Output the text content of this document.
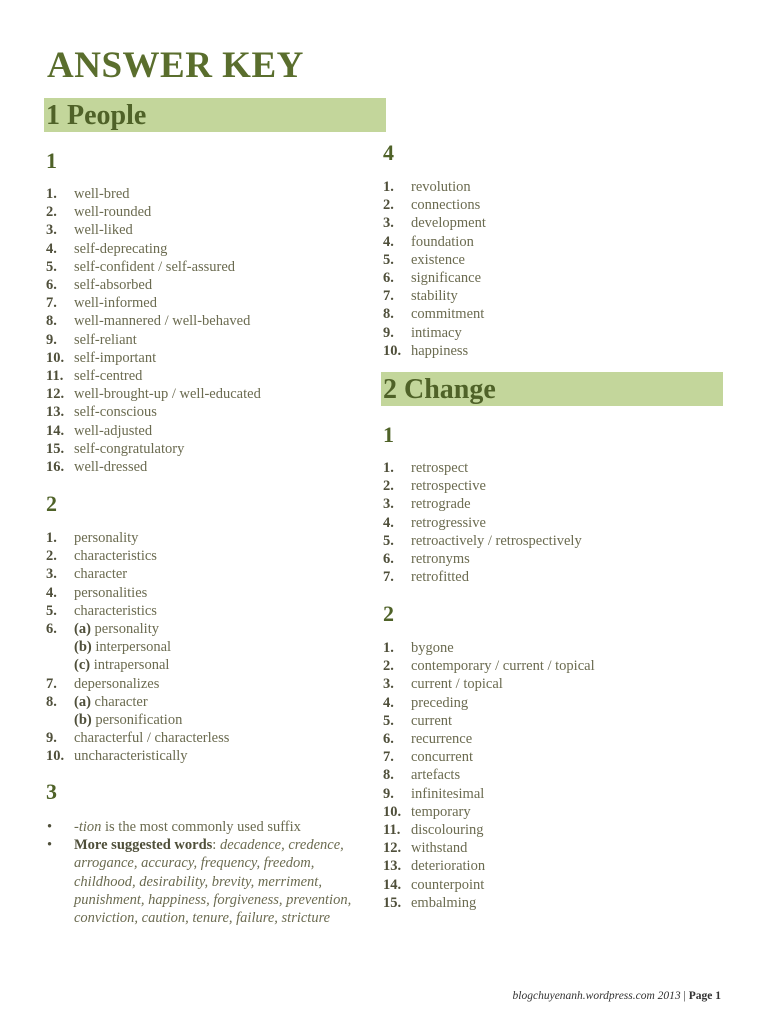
ANSWER KEY
1 People
1
1. well-bred
2. well-rounded
3. well-liked
4. self-deprecating
5. self-confident / self-assured
6. self-absorbed
7. well-informed
8. well-mannered / well-behaved
9. self-reliant
10. self-important
11. self-centred
12. well-brought-up / well-educated
13. self-conscious
14. well-adjusted
15. self-congratulatory
16. well-dressed
2
1. personality
2. characteristics
3. character
4. personalities
5. characteristics
6. (a) personality
(b) interpersonal
(c) intrapersonal
7. depersonalizes
8. (a) character
(b) personification
9. characterful / characterless
10. uncharacteristically
3
• -tion is the most commonly used suffix
• More suggested words: decadence, credence, arrogance, accuracy, frequency, freedom, childhood, desirability, brevity, merriment, punishment, happiness, forgiveness, prevention, conviction, caution, tenure, failure, stricture
4
1. revolution
2. connections
3. development
4. foundation
5. existence
6. significance
7. stability
8. commitment
9. intimacy
10. happiness
2 Change
1
1. retrospect
2. retrospective
3. retrograde
4. retrogressive
5. retroactively / retrospectively
6. retronyms
7. retrofitted
2
1. bygone
2. contemporary / current / topical
3. current / topical
4. preceding
5. current
6. recurrence
7. concurrent
8. artefacts
9. infinitesimal
10. temporary
11. discolouring
12. withstand
13. deterioration
14. counterpoint
15. embalming
blogchuyenanh.wordpress.com 2013 | Page 1
